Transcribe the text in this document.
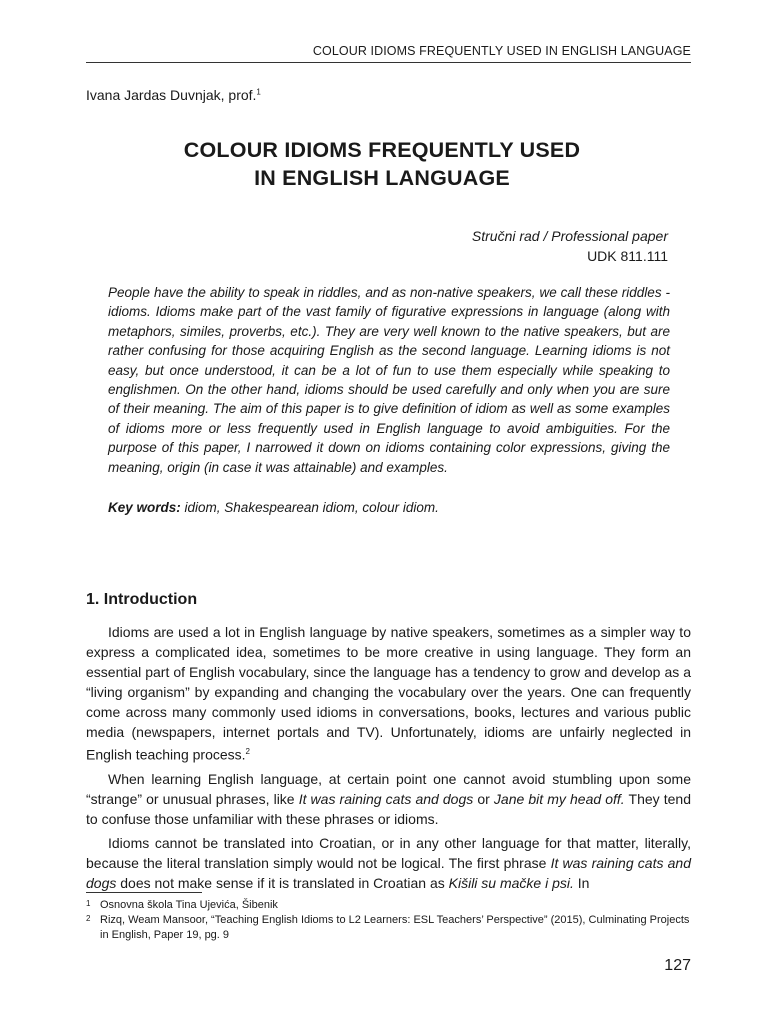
COLOUR IDIOMS FREQUENTLY USED IN ENGLISH LANGUAGE
Ivana Jardas Duvnjak, prof.$^1$
COLOUR IDIOMS FREQUENTLY USED
IN ENGLISH LANGUAGE
Stručni rad / Professional paper
UDK 811.111
People have the ability to speak in riddles, and as non-native speakers, we call these riddles - idioms. Idioms make part of the vast family of figurative expressions in language (along with metaphors, similes, proverbs, etc.). They are very well known to the native speakers, but are rather confusing for those acquiring English as the second language. Learning idioms is not easy, but once understood, it can be a lot of fun to use them especially while speaking to englishmen. On the other hand, idioms should be used carefully and only when you are sure of their meaning. The aim of this paper is to give definition of idiom as well as some examples of idioms more or less frequently used in English language to avoid ambiguities. For the purpose of this paper, I narrowed it down on idioms containing color expressions, giving the meaning, origin (in case it was attainable) and examples.
Key words: idiom, Shakespearean idiom, colour idiom.
1. Introduction

Idioms are used a lot in English language by native speakers, sometimes as a simpler way to express a complicated idea, sometimes to be more creative in using language. They form an essential part of English vocabulary, since the language has a tendency to grow and develop as a “living organism” by expanding and changing the vocabulary over the years. One can frequently come across many commonly used idioms in conversations, books, lectures and various public media (newspapers, internet portals and TV). Unfortunately, idioms are unfairly neglected in English teaching process.$^2$

When learning English language, at certain point one cannot avoid stumbling upon some “strange” or unusual phrases, like It was raining cats and dogs or Jane bit my head off. They tend to confuse those unfamiliar with these phrases or idioms.

Idioms cannot be translated into Croatian, or in any other language for that matter, literally, because the literal translation simply would not be logical. The first phrase It was raining cats and dogs does not make sense if it is translated in Croatian as Kišili su mačke i psi. In

1 Osnovna škola Tina Ujevića, Šibenik
2 Rizq, Weam Mansoor, “Teaching English Idioms to L2 Learners: ESL Teachers’ Perspective” (2015), Culminating Projects in English, Paper 19, pg. 9
127
